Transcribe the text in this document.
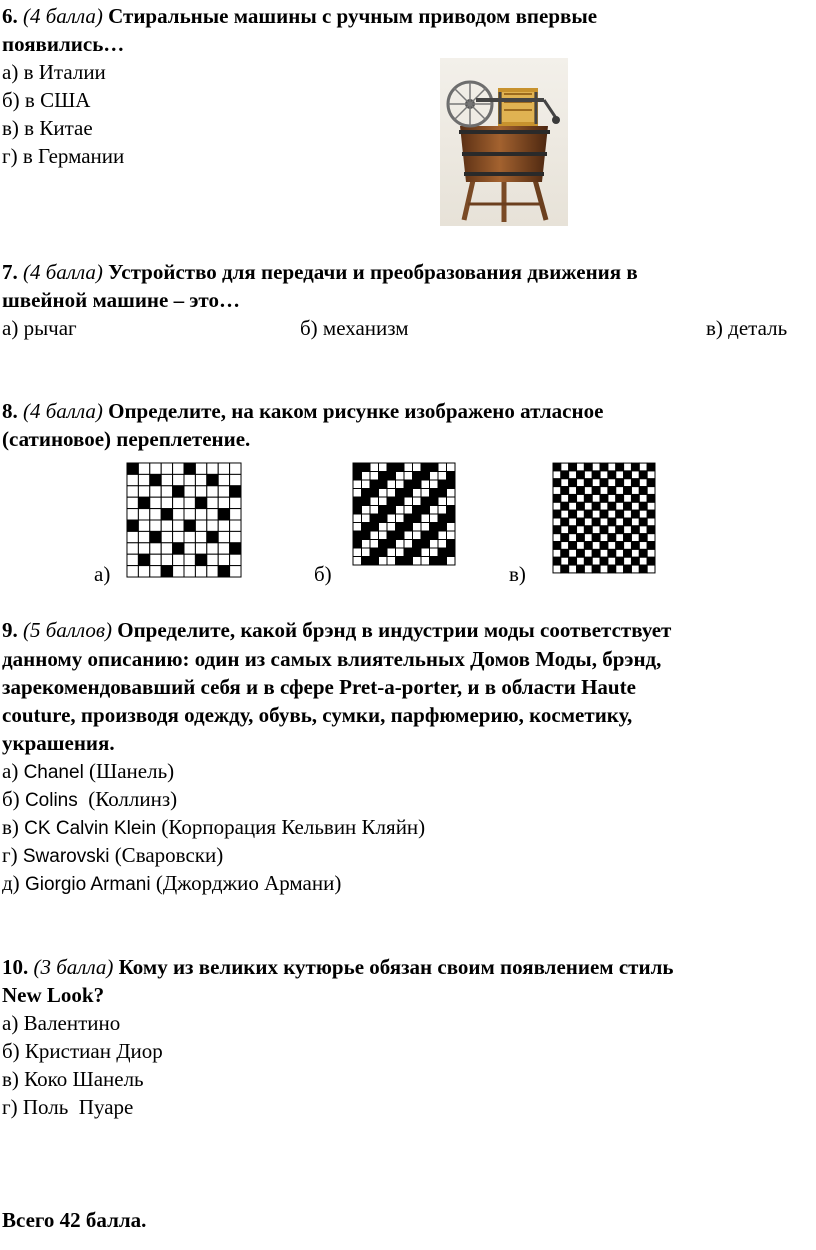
6. (4 балла) Стиральные машины с ручным приводом впервые
появились…
а) в Италии
б) в США
в) в Китае
г) в Германии
7. (4 балла) Устройство для передачи и преобразования движения в
швейной машине – это…
а) рычаг	б) механизм	в) деталь
8. (4 балла) Определите, на каком рисунке изображено атласное
(сатиновое) переплетение.
а)	б)	в)
9. (5 баллов) Определите, какой брэнд в индустрии моды соответствует
данному описанию: один из самых влиятельных Домов Моды, брэнд,
зарекомендовавший себя и в сфере Pret-a-porter, и в области Haute
couture, производя одежду, обувь, сумки, парфюмерию, косметику,
украшения.
а) Chanel (Шанель)
б) Colins  (Коллинз)
в) CK Calvin Klein (Корпорация Кельвин Кляйн)
г) Swarovski (Сваровски)
д) Giorgio Armani (Джорджио Армани)
10. (3 балла) Кому из великих кутюрье обязан своим появлением стиль
New Look?
а) Валентино
б) Кристиан Диор
в) Коко Шанель
г) Поль  Пуаре
Всего 42 балла.
